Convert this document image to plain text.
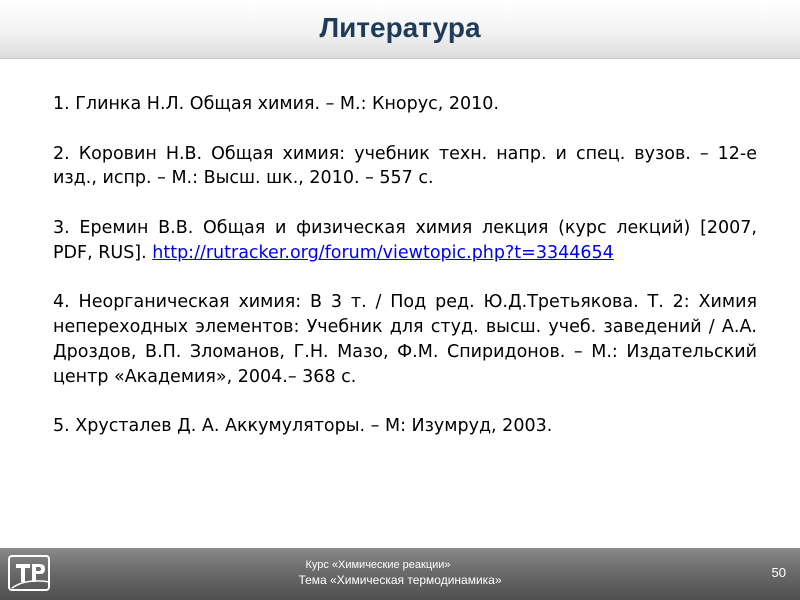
Литература

1. Глинка Н.Л. Общая химия. – М.: Кнорус, 2010.

2. Коровин Н.В. Общая химия: учебник техн. напр. и спец. вузов. – 12-е изд., испр. – М.: Высш. шк., 2010. – 557 с.

3. Еремин В.В. Общая и физическая химия лекция (курс лекций) [2007, PDF, RUS]. http://rutracker.org/forum/viewtopic.php?t=3344654

4. Неорганическая химия: В 3 т. / Под ред. Ю.Д.Третьякова. Т. 2: Химия непереходных элементов: Учебник для студ. высш. учеб. заведений / А.А. Дроздов, В.П. Зломанов, Г.Н. Мазо, Ф.М. Спиридонов. – М.: Издательский центр «Академия», 2004.– 368 с.

5. Хрусталев Д. А. Аккумуляторы. – М: Изумруд, 2003.

Курс «Химические реакции»
Тема «Химическая термодинамика»	50
